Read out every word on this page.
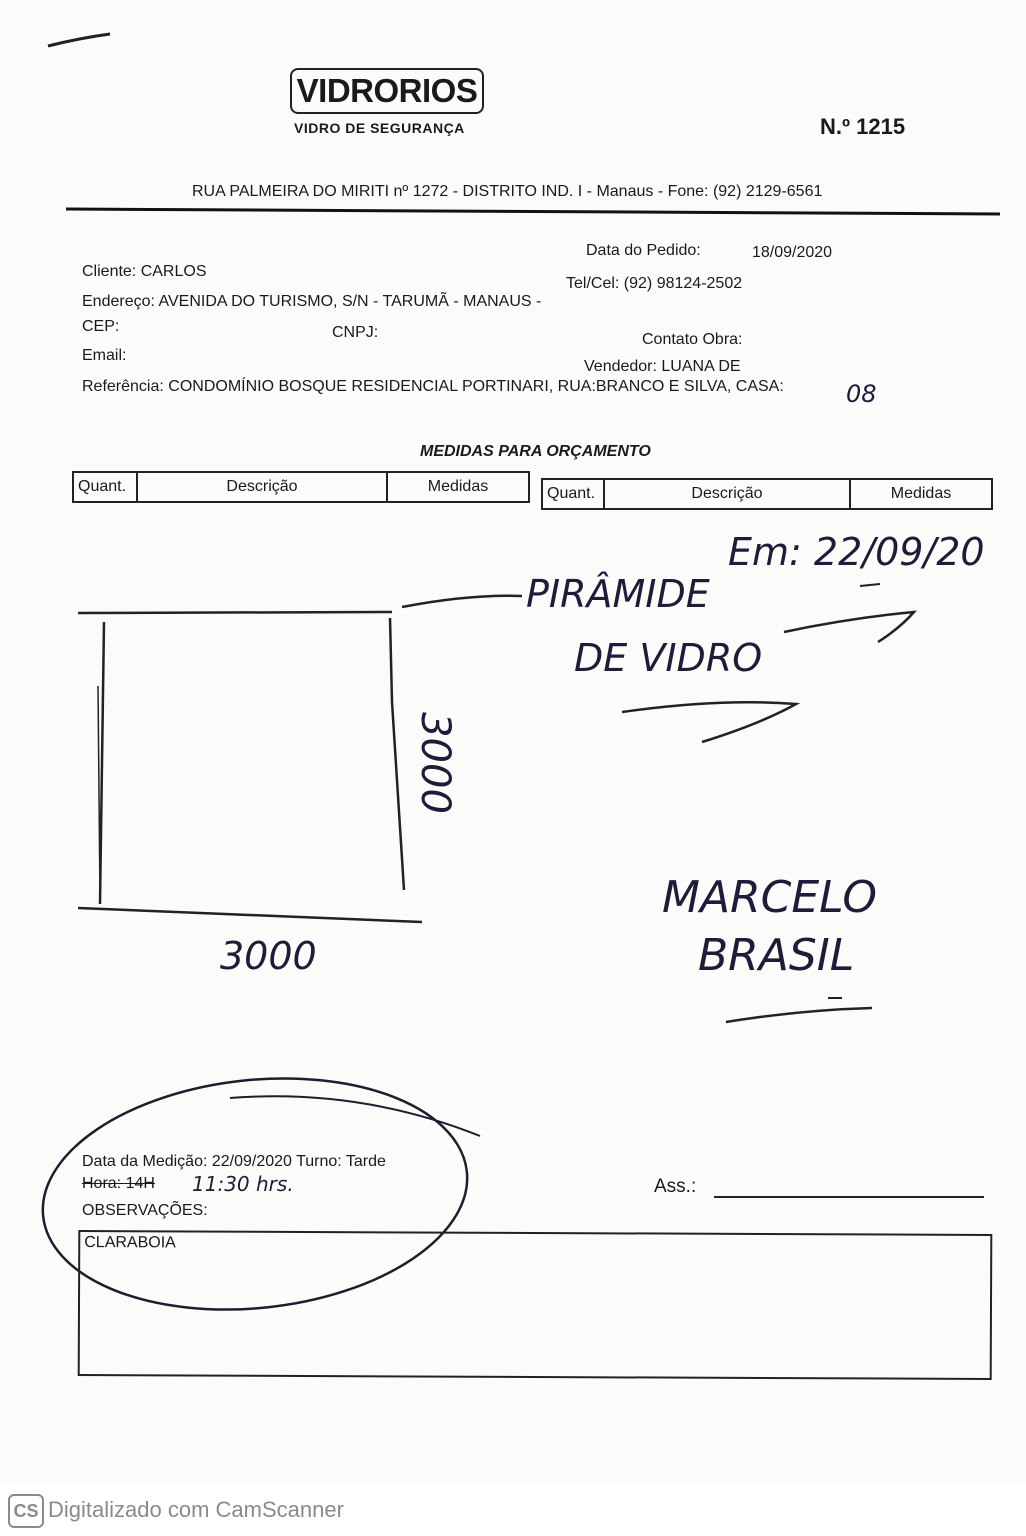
VIDRORIOS
VIDRO DE SEGURANÇA	N.º 1215
RUA PALMEIRA DO MIRITI nº 1272 - DISTRITO IND. I - Manaus - Fone: (92) 2129-6561
Data do Pedido:	18/09/2020
Cliente: CARLOS
Tel/Cel: (92) 98124-2502
Endereço: AVENIDA DO TURISMO, S/N - TARUMÃ - MANAUS -
CEP:	CNPJ:	Contato Obra:
Email:
Vendedor: LUANA DE
Referência: CONDOMÍNIO BOSQUE RESIDENCIAL PORTINARI, RUA:BRANCO E SILVA, CASA:	08
MEDIDAS PARA ORÇAMENTO
Quant.	Descrição	Medidas	Quant.	Descrição	Medidas
Em: 22/09/20
PIRÂMIDE
DE VIDRO
3000
3000
MARCELO
BRASIL
Data da Medição: 22/09/2020 Turno: Tarde
Hora: 14H 11:30 hrs.
OBSERVAÇÕES:
Ass.:
CLARABOIA
CS Digitalizado com CamScanner
